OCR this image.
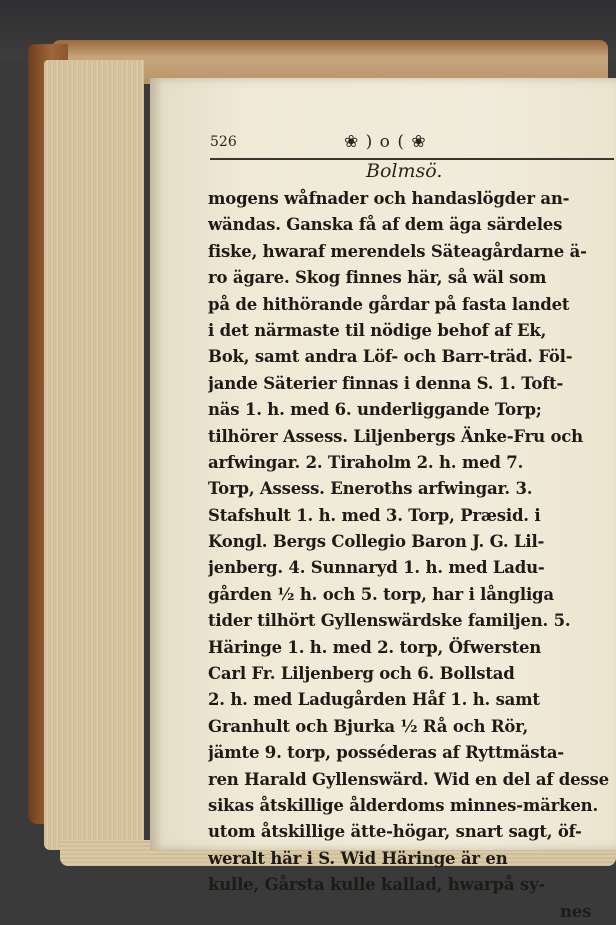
526	❀ ) o ( ❀
Bolmsö.
mogens wåfnader och handaslögder an-
wändas. Ganska få af dem äga särdeles
fiske, hwaraf merendels Säteagårdarne ä-
ro ägare. Skog finnes här, så wäl som
på de hithörande gårdar på fasta landet
i det närmaste til nödige behof af Ek,
Bok, samt andra Löf- och Barr-träd. Föl-
jande Säterier finnas i denna S. 1. Toft-
näs 1. h. med 6. underliggande Torp;
tilhörer Assess. Liljenbergs Änke-Fru och
arfwingar. 2. Tiraholm 2. h. med 7.
Torp, Assess. Eneroths arfwingar. 3.
Stafshult 1. h. med 3. Torp, Præsid. i
Kongl. Bergs Collegio Baron J. G. Lil-
jenberg. 4. Sunnaryd 1. h. med Ladu-
gården ½ h. och 5. torp, har i långliga
tider tilhört Gyllenswärdske familjen. 5.
Häringe 1. h. med 2. torp, Öfwersten
Carl Fr. Liljenberg och 6. Bollstad
2. h. med Ladugården Håf 1. h. samt
Granhult och Bjurka ½ Rå och Rör,
jämte 9. torp, posséderas af Ryttmästa-
ren Harald Gyllenswärd. Wid en del af desse
sikas åtskillige ålderdoms minnes-märken.
utom åtskillige ätte-högar, snart sagt, öf-
weralt här i S. Wid Häringe är en
kulle, Gårsta kulle kallad, hwarpå sy-
nes
